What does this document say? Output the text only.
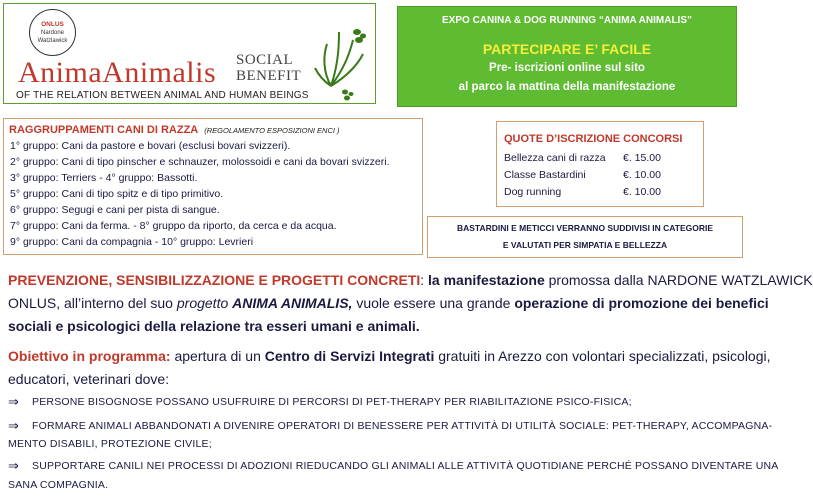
ONLUS
Nardone
Watzlawick
AnimaAnimalis SOCIAL
BENEFIT
OF THE RELATION BETWEEN ANIMAL AND HUMAN BEINGS
EXPO CANINA & DOG RUNNING “ANIMA ANIMALIS”
PARTECIPARE E’ FACILE
Pre- iscrizioni online sul sito
al parco la mattina della manifestazione
RAGGRUPPAMENTI CANI DI RAZZA (REGOLAMENTO ESPOSIZIONI ENCI )
1° gruppo: Cani da pastore e bovari (esclusi bovari svizzeri).
2° gruppo: Cani di tipo pinscher e schnauzer, molossoidi e cani da bovari svizzeri.
3° gruppo: Terriers - 4° gruppo: Bassotti.
5° gruppo: Cani di tipo spitz e di tipo primitivo.
6° gruppo: Segugi e cani per pista di sangue.
7° gruppo: Cani da ferma. - 8° gruppo da riporto, da cerca e da acqua.
9° gruppo: Cani da compagnia - 10° gruppo: Levrieri
QUOTE D’ISCRIZIONE CONCORSI
Bellezza cani di razza €. 15.00
Classe Bastardini	€. 10.00
Dog running	€. 10.00
BASTARDINI E METICCI VERRANNO SUDDIVISI IN CATEGORIE
E VALUTATI PER SIMPATIA E BELLEZZA
PREVENZIONE, SENSIBILIZZAZIONE E PROGETTI CONCRETI: la manifestazione promossa dalla NARDONE WATZLAWICK
ONLUS, all’interno del suo progetto ANIMA ANIMALIS, vuole essere una grande operazione di promozione dei benefici
sociali e psicologici della relazione tra esseri umani e animali.
Obiettivo in programma: apertura di un Centro di Servizi Integrati gratuiti in Arezzo con volontari specializzati, psicologi,
educatori, veterinari dove:
⇒ PERSONE BISOGNOSE POSSANO USUFRUIRE DI PERCORSI DI PET-THERAPY PER RIABILITAZIONE PSICO-FISICA;
⇒ FORMARE ANIMALI ABBANDONATI A DIVENIRE OPERATORI DI BENESSERE PER ATTIVITÀ DI UTILITÀ SOCIALE: PET-THERAPY, ACCOMPAGNA-
MENTO DISABILI, PROTEZIONE CIVILE;
⇒ SUPPORTARE CANILI NEI PROCESSI DI ADOZIONI RIEDUCANDO GLI ANIMALI ALLE ATTIVITÀ QUOTIDIANE PERCHÉ POSSANO DIVENTARE UNA
SANA COMPAGNIA.
